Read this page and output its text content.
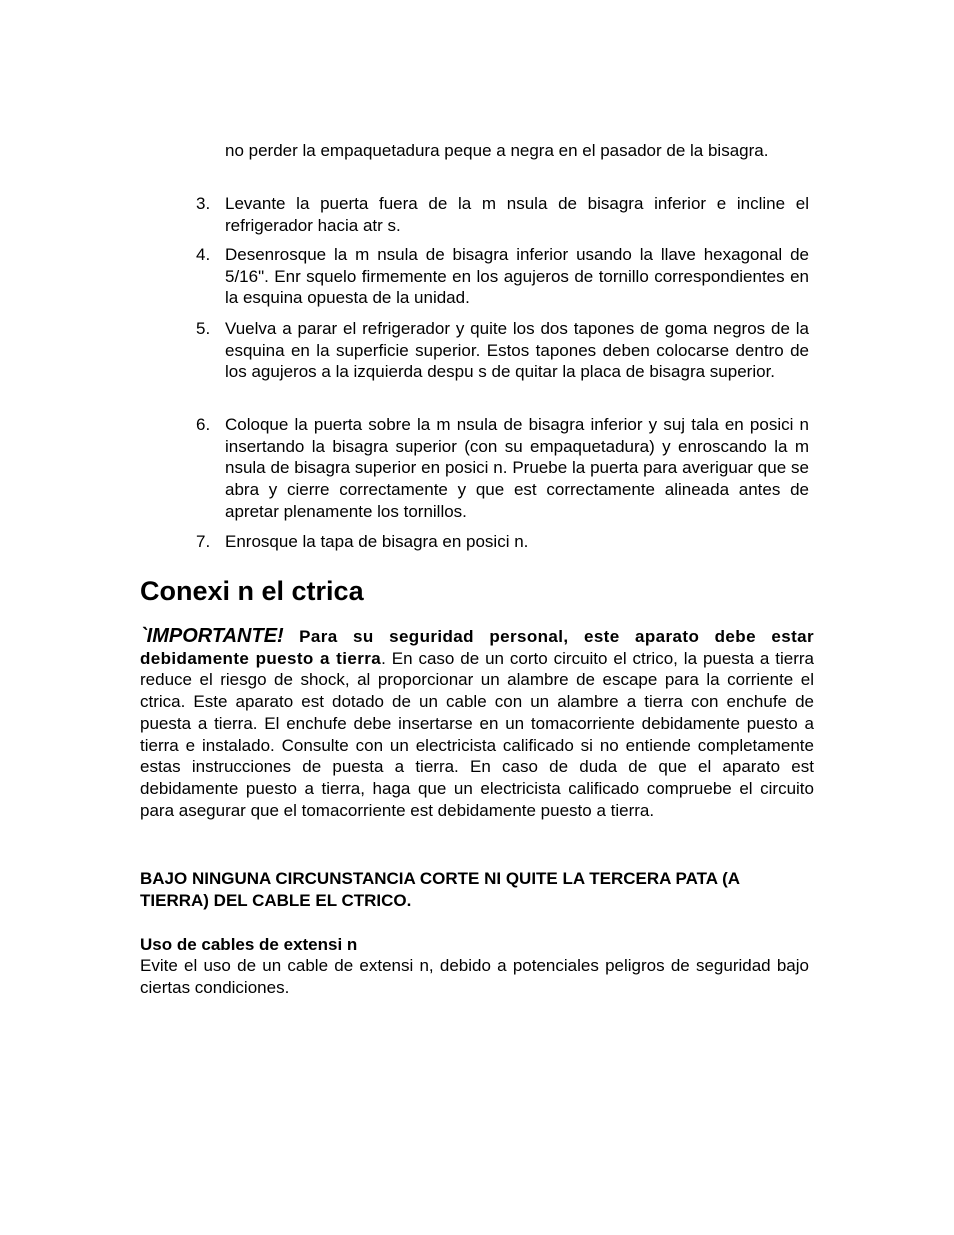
no perder la empaquetadura peque a negra en el pasador de la bisagra.
3. Levante la puerta fuera de la m nsula de bisagra inferior e incline el refrigerador hacia atr s.
4. Desenrosque la m nsula de bisagra inferior usando la llave hexagonal de 5/16". Enr squelo firmemente en los agujeros de tornillo correspondientes en la esquina opuesta de la unidad.
5. Vuelva a parar el refrigerador y quite los dos tapones de goma negros de la esquina en la superficie superior. Estos tapones deben colocarse dentro de los agujeros a la izquierda despu s de quitar la placa de bisagra superior.
6. Coloque la puerta sobre la m nsula de bisagra inferior y suj tala en posici n insertando la bisagra superior (con su empaquetadura) y enroscando la m nsula de bisagra superior en posici n. Pruebe la puerta para averiguar que se abra y cierre correctamente y que est correctamente alineada antes de apretar plenamente los tornillos.
7. Enrosque la tapa de bisagra en posici n.
Conexi n el ctrica
`IMPORTANTE! Para su seguridad personal, este aparato debe estar debidamente puesto a tierra. En caso de un corto circuito el ctrico, la puesta a tierra reduce el riesgo de shock, al proporcionar un alambre de escape para la corriente el ctrica. Este aparato est dotado de un cable con un alambre a tierra con enchufe de puesta a tierra. El enchufe debe insertarse en un tomacorriente debidamente puesto a tierra e instalado. Consulte con un electricista calificado si no entiende completamente estas instrucciones de puesta a tierra. En caso de duda de que el aparato est debidamente puesto a tierra, haga que un electricista calificado compruebe el circuito para asegurar que el tomacorriente est debidamente puesto a tierra.
BAJO NINGUNA CIRCUNSTANCIA CORTE NI QUITE LA TERCERA PATA (A TIERRA) DEL CABLE EL CTRICO.
Uso de cables de extensi n
Evite el uso de un cable de extensi n, debido a potenciales peligros de seguridad bajo ciertas condiciones.
